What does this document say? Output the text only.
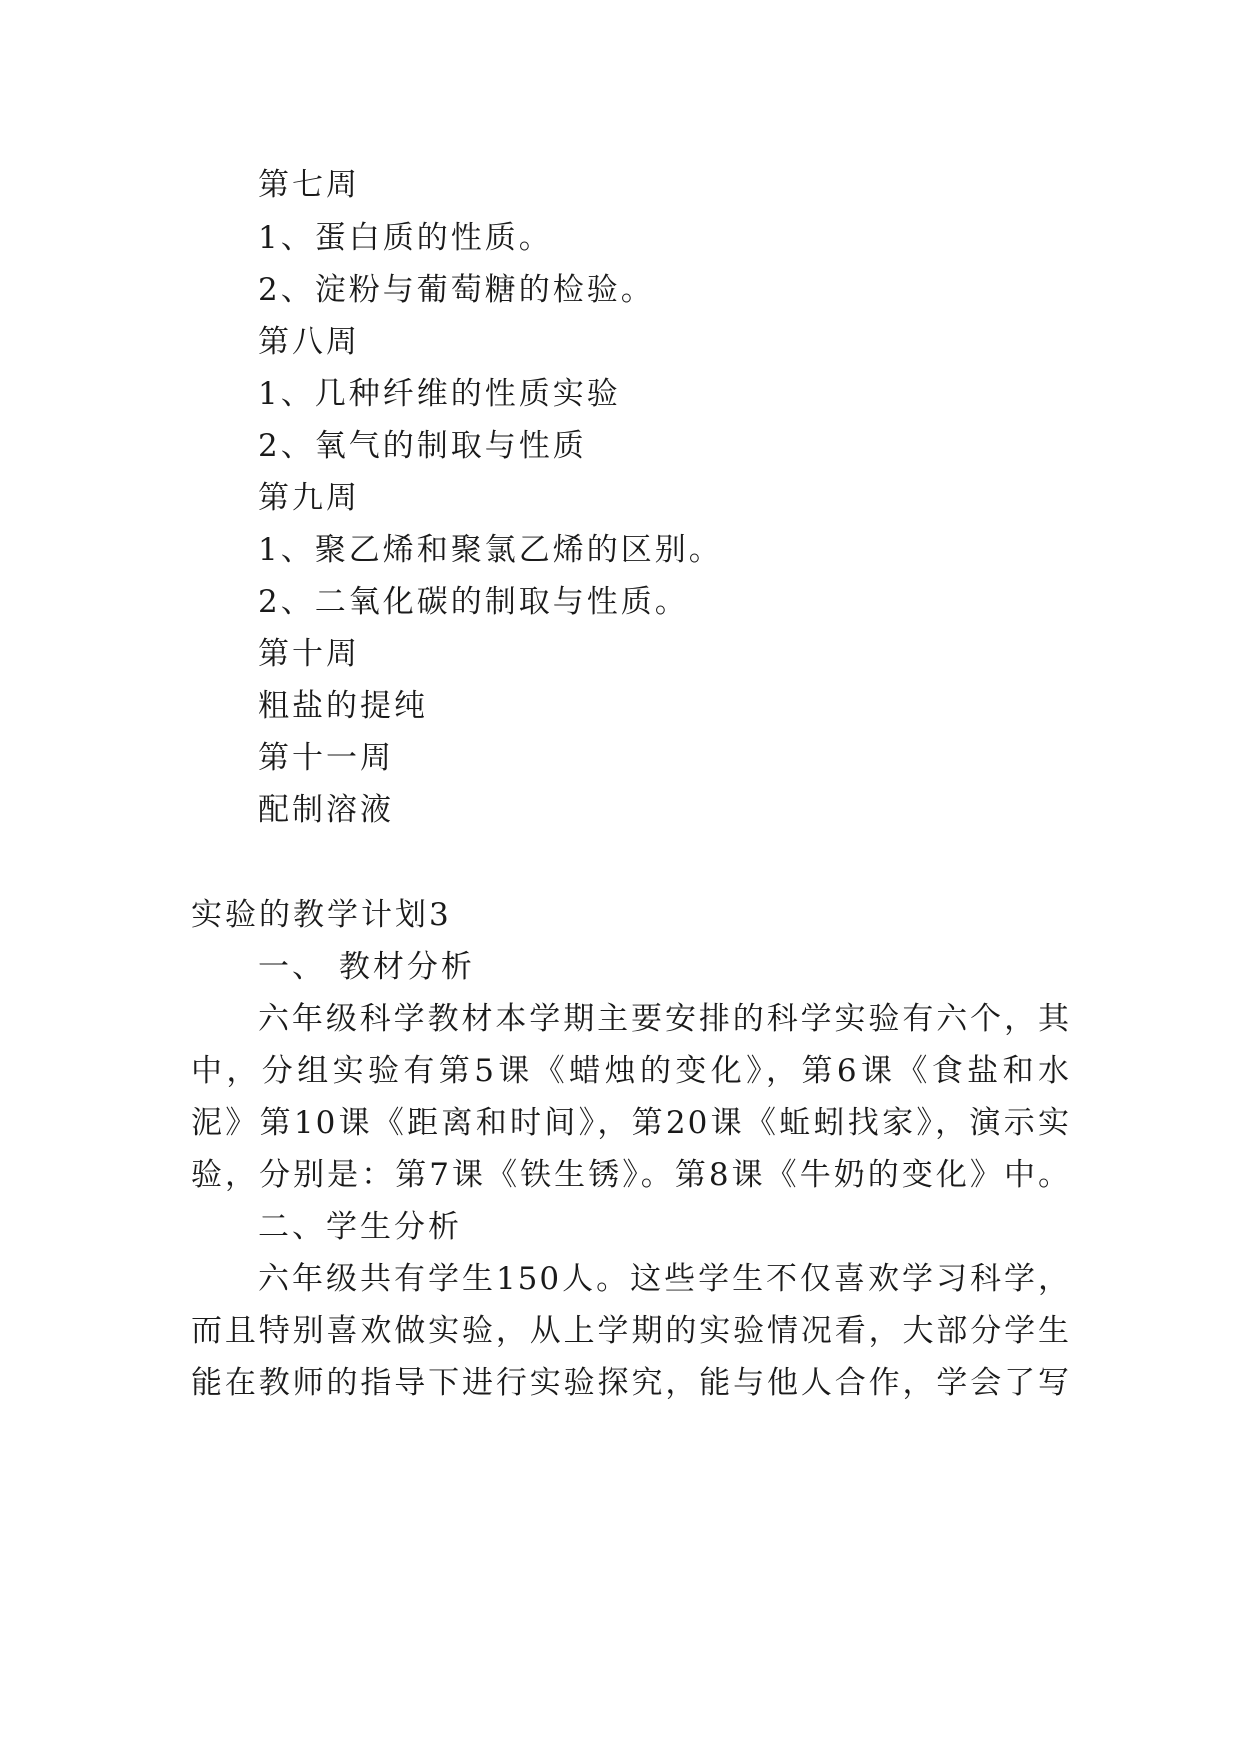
第七周
1、蛋白质的性质。
2、淀粉与葡萄糖的检验。
第八周
1、几种纤维的性质实验
2、氧气的制取与性质
第九周
1、聚乙烯和聚氯乙烯的区别。
2、二氧化碳的制取与性质。
第十周
粗盐的提纯
第十一周
配制溶液
实验的教学计划3
一、 教材分析
六年级科学教材本学期主要安排的科学实验有六个，其
中，分组实验有第5课《蜡烛的变化》，第6课《食盐和水
泥》第10课《距离和时间》，第20课《蚯蚓找家》，演示实
验，分别是：第7课《铁生锈》。第8课《牛奶的变化》中。
二、学生分析
六年级共有学生150人。这些学生不仅喜欢学习科学，
而且特别喜欢做实验，从上学期的实验情况看，大部分学生
能在教师的指导下进行实验探究，能与他人合作，学会了写
